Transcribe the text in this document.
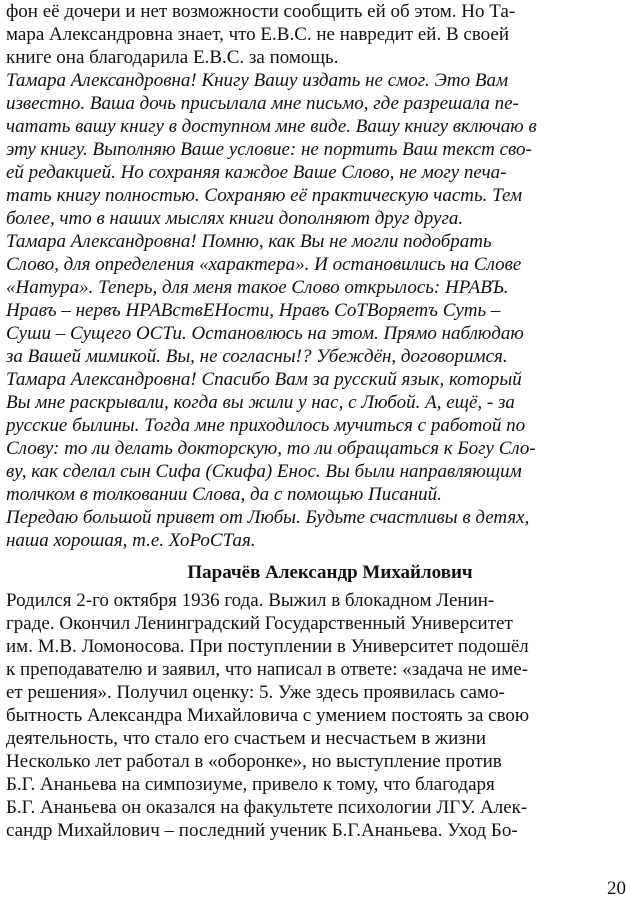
фон её дочери и нет возможности сообщить ей об этом. Но Та-
мара Александровна знает, что Е.В.С. не навредит ей. В своей
книге она благодарила Е.В.С. за помощь.
Тамара Александровна! Книгу Вашу издать не смог. Это Вам
известно. Ваша дочь присылала мне письмо, где разрешала пе-
чатать вашу книгу в доступном мне виде. Вашу книгу включаю в
эту книгу. Выполняю Ваше условие: не портить Ваш текст сво-
ей редакцией. Но сохраняя каждое Ваше Слово, не могу печа-
тать книгу полностью. Сохраняю её практическую часть. Тем
более, что в наших мыслях книги дополняют друг друга.
Тамара Александровна! Помню, как Вы не могли подобрать
Слово, для определения «характера». И остановились на Слове
«Натура». Теперь, для меня такое Слово открылось: НРАВЪ.
Нравъ – нервъ НРАВствЕНости, Нравъ СоТВоряетъ Суть –
Суши – Сущего ОСТи. Остановлюсь на этом. Прямо наблюдаю
за Вашей мимикой. Вы, не согласны!? Убеждён, договоримся.
Тамара Александровна! Спасибо Вам за русский язык, который
Вы мне раскрывали, когда вы жили у нас, с Любой. А, ещё, - за
русские былины. Тогда мне приходилось мучиться с работой по
Слову: то ли делать докторскую, то ли обращаться к Богу Сло-
ву, как сделал сын Сифа (Скифа) Енос. Вы были направляющим
толчком в толковании Слова, да с помощью Писаний.
Передаю большой привет от Любы. Будьте счастливы в детях,
наша хорошая, т.е. ХоРоСТая.
Парачёв Александр Михайлович
Родился 2-го октября 1936 года. Выжил в блокадном Ленин-
граде. Окончил Ленинградский Государственный Университет
им. М.В. Ломоносова. При поступлении в Университет подошёл
к преподавателю и заявил, что написал в ответе: «задача не име-
ет решения». Получил оценку: 5. Уже здесь проявилась само-
бытность Александра Михайловича с умением постоять за свою
деятельность, что стало его счастьем и несчастьем в жизни
Несколько лет работал в «оборонке», но выступление против
Б.Г. Ананьева на симпозиуме, привело к тому, что благодаря
Б.Г. Ананьева он оказался на факультете психологии ЛГУ. Алек-
сандр Михайлович – последний ученик Б.Г.Ананьева. Уход Бо-
20
